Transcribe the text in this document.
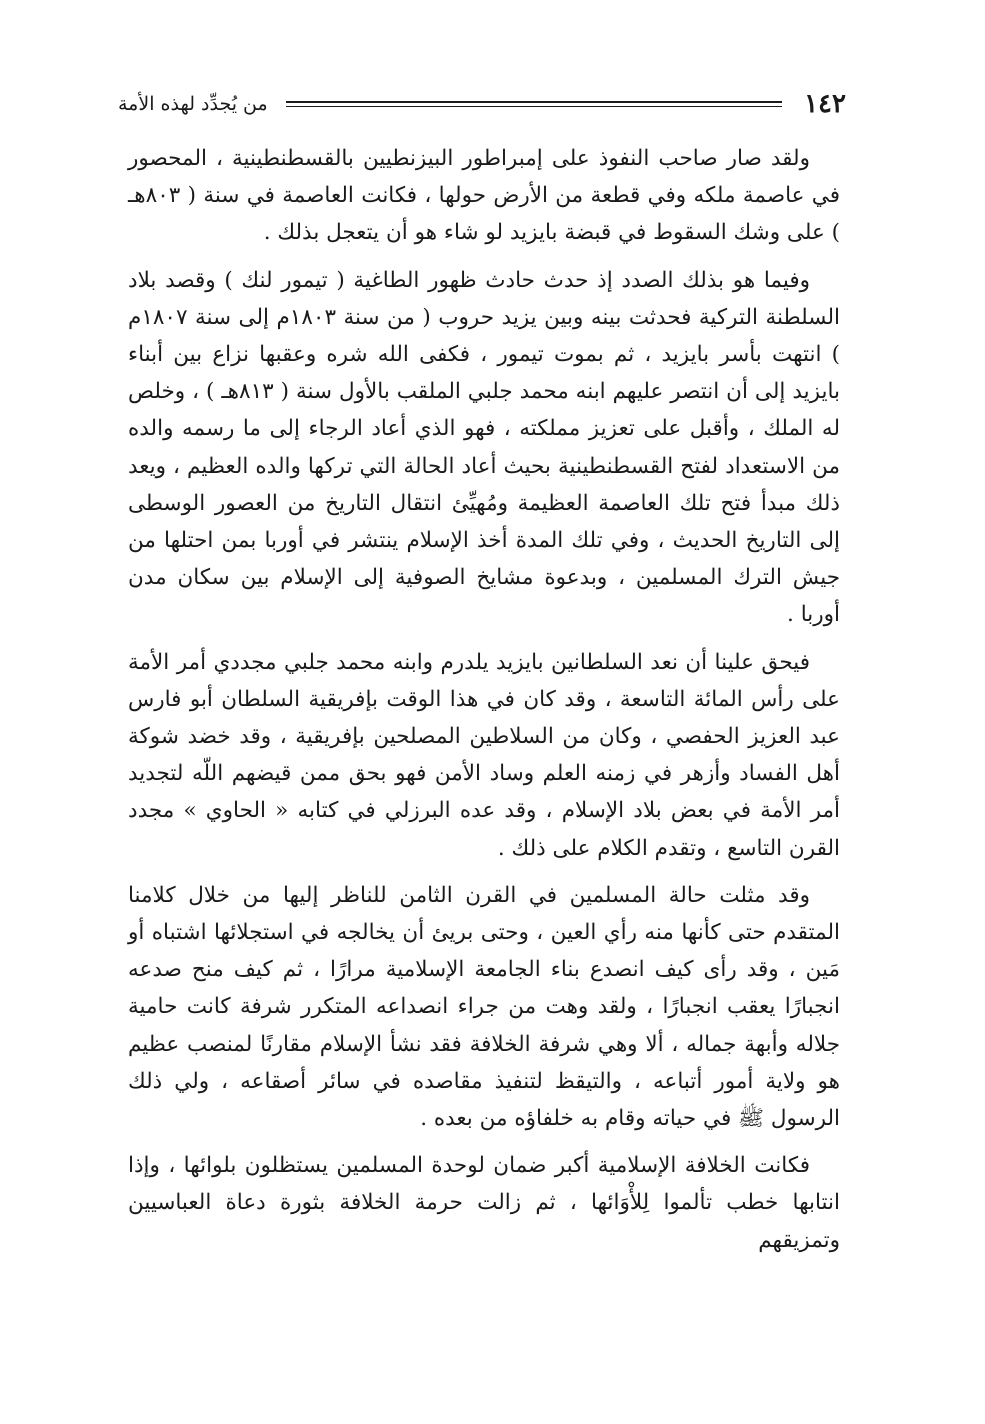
١٤٢
من يُجدِّد لهذه الأمة

ولقد صار صاحب النفوذ على إمبراطور البيزنطيين بالقسطنطينية ، المحصور في عاصمة ملكه وفي قطعة من الأرض حولها ، فكانت العاصمة في سنة ( ٨٠٣هـ ) على وشك السقوط في قبضة بايزيد لو شاء هو أن يتعجل بذلك .

وفيما هو بذلك الصدد إذ حدث حادث ظهور الطاغية ( تيمور لنك ) وقصد بلاد السلطنة التركية فحدثت بينه وبين يزيد حروب ( من سنة ١٨٠٣م إلى سنة ١٨٠٧م ) انتهت بأسر بايزيد ، ثم بموت تيمور ، فكفى الله شره وعقبها نزاع بين أبناء بايزيد إلى أن انتصر عليهم ابنه محمد جلبي الملقب بالأول سنة ( ٨١٣هـ ) ، وخلص له الملك ، وأقبل على تعزيز مملكته ، فهو الذي أعاد الرجاء إلى ما رسمه والده من الاستعداد لفتح القسطنطينية بحيث أعاد الحالة التي تركها والده العظيم ، ويعد ذلك مبدأ فتح تلك العاصمة العظيمة ومُهيِّئ انتقال التاريخ من العصور الوسطى إلى التاريخ الحديث ، وفي تلك المدة أخذ الإسلام ينتشر في أوربا بمن احتلها من جيش الترك المسلمين ، وبدعوة مشايخ الصوفية إلى الإسلام بين سكان مدن أوربا .

فيحق علينا أن نعد السلطانين بايزيد يلدرم وابنه محمد جلبي مجددي أمر الأمة على رأس المائة التاسعة ، وقد كان في هذا الوقت بإفريقية السلطان أبو فارس عبد العزيز الحفصي ، وكان من السلاطين المصلحين بإفريقية ، وقد خضد شوكة أهل الفساد وأزهر في زمنه العلم وساد الأمن فهو بحق ممن قيضهم اللّه لتجديد أمر الأمة في بعض بلاد الإسلام ، وقد عده البرزلي في كتابه « الحاوي » مجدد القرن التاسع ، وتقدم الكلام على ذلك .

وقد مثلت حالة المسلمين في القرن الثامن للناظر إليها من خلال كلامنا المتقدم حتى كأنها منه رأي العين ، وحتى بريئ أن يخالجه في استجلائها اشتباه أو مَين ، وقد رأى كيف انصدع بناء الجامعة الإسلامية مرارًا ، ثم كيف منح صدعه انجبارًا يعقب انجبارًا ، ولقد وهت من جراء انصداعه المتكرر شرفة كانت حامية جلاله وأبهة جماله ، ألا وهي شرفة الخلافة فقد نشأ الإسلام مقارنًا لمنصب عظيم هو ولاية أمور أتباعه ، والتيقظ لتنفيذ مقاصده في سائر أصقاعه ، ولي ذلك الرسول ﷺ في حياته وقام به خلفاؤه من بعده .

فكانت الخلافة الإسلامية أكبر ضمان لوحدة المسلمين يستظلون بلوائها ، وإذا انتابها خطب تألموا لِلأْوَائها ، ثم زالت حرمة الخلافة بثورة دعاة العباسيين وتمزيقهم
